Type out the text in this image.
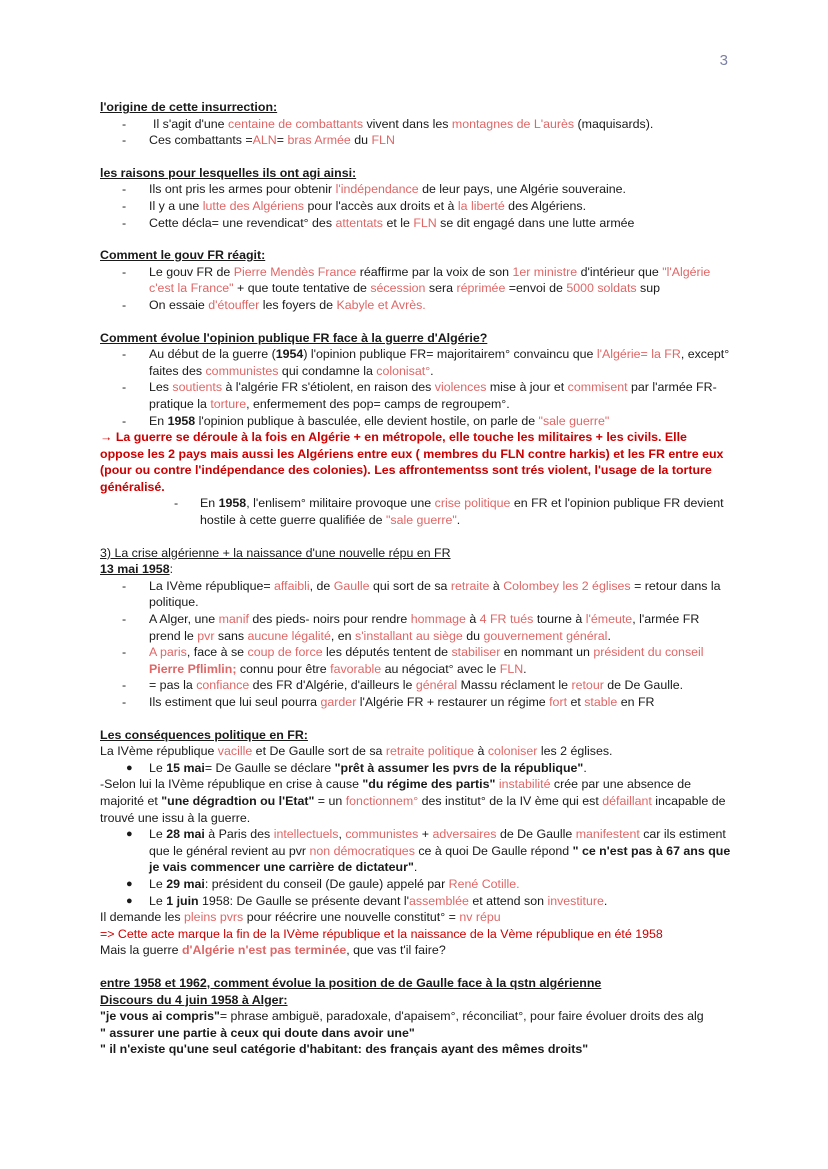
3

l'origine de cette insurrection:

- Il s'agit d'une centaine de combattants vivent dans les montagnes de L'aurès (maquisards).
- Ces combattants =ALN= bras Armée du FLN

les raisons pour lesquelles ils ont agi ainsi:

- Ils ont pris les armes pour obtenir l'indépendance de leur pays, une Algérie souveraine.
- Il y a une lutte des Algériens pour l'accès aux droits et à la liberté des Algériens.
- Cette décla= une revendicat° des attentats et le FLN se dit engagé dans une lutte armée

Comment le gouv FR réagit:

- Le gouv FR de Pierre Mendès France réaffirme par la voix de son 1er ministre d'intérieur que "l'Algérie c'est la France" + que toute tentative de sécession sera réprimée =envoi de 5000 soldats sup
- On essaie d'étouffer les foyers de Kabyle et Avrès.

Comment évolue l'opinion publique FR face à la guerre d'Algérie?

- Au début de la guerre (1954) l'opinion publique FR= majoritairem° convaincu que l'Algérie= la FR, except° faites des communistes qui condamne la colonisat°.
- Les soutients à l'algérie FR s'étiolent, en raison des violences mise à jour et commisent par l'armée FR- pratique la torture, enfermement des pop= camps de regroupem°.
- En 1958 l'opinion publique à basculée, elle devient hostile, on parle de "sale guerre"

→ La guerre se déroule à la fois en Algérie + en métropole, elle touche les militaires + les civils. Elle oppose les 2 pays mais aussi les Algériens entre eux ( membres du FLN contre harkis) et les FR entre eux (pour ou contre l'indépendance des colonies). Les affrontementss sont trés violent, l'usage de la torture généralisé.

- En 1958, l'enlisem° militaire provoque une crise politique en FR et l'opinion publique FR devient hostile à cette guerre qualifiée de "sale guerre".

3) La crise algérienne + la naissance d'une nouvelle répu en FR

13 mai 1958:

- La IVème république= affaibli, de Gaulle qui sort de sa retraite à Colombey les 2 églises = retour dans la politique.
- A Alger, une manif des pieds- noirs pour rendre hommage à 4 FR tués tourne à l'émeute, l'armée FR prend le pvr sans aucune légalité, en s'installant au siège du gouvernement général.
- A paris, face à se coup de force les députés tentent de stabiliser en nommant un président du conseil Pierre Pflimlin; connu pour être favorable au négociat° avec le FLN.
- = pas la confiance des FR d'Algérie, d'ailleurs le général Massu réclament le retour de De Gaulle.
- Ils estiment que lui seul pourra garder l'Algérie FR + restaurer un régime fort et stable en FR

Les conséquences politique en FR:

La IVème république vacille et De Gaulle sort de sa retraite politique à coloniser les 2 églises.

● Le 15 mai= De Gaulle se déclare "prêt à assumer les pvrs de la république".

-Selon lui la IVème république en crise à cause "du régime des partis" instabilité crée par une absence de majorité et "une dégradtion ou l'Etat" = un fonctionnem° des institut° de la IV ème qui est défaillant incapable de trouvé une issu à la guerre.

● Le 28 mai à Paris des intellectuels, communistes + adversaires de De Gaulle manifestent car ils estiment que le général revient au pvr non démocratiques ce à quoi De Gaulle répond " ce n'est pas à 67 ans que je vais commencer une carrière de dictateur".
● Le 29 mai: président du conseil (De gaule) appelé par René Cotille.
● Le 1 juin 1958: De Gaulle se présente devant l'assemblée et attend son investiture.

Il demande les pleins pvrs pour réécrire une nouvelle constitut° = nv répu

=> Cette acte marque la fin de la IVème république et la naissance de la Vème république en été 1958

Mais la guerre d'Algérie n'est pas terminée, que vas t'il faire?

entre 1958 et 1962, comment évolue la position de de Gaulle face à la qstn algérienne

Discours du 4 juin 1958 à Alger:

"je vous ai compris"= phrase ambiguë, paradoxale, d'apaisem°, réconciliat°, pour faire évoluer droits des alg

" assurer une partie à ceux qui doute dans avoir une"

" il n'existe qu'une seul catégorie d'habitant: des français ayant des mêmes droits"
